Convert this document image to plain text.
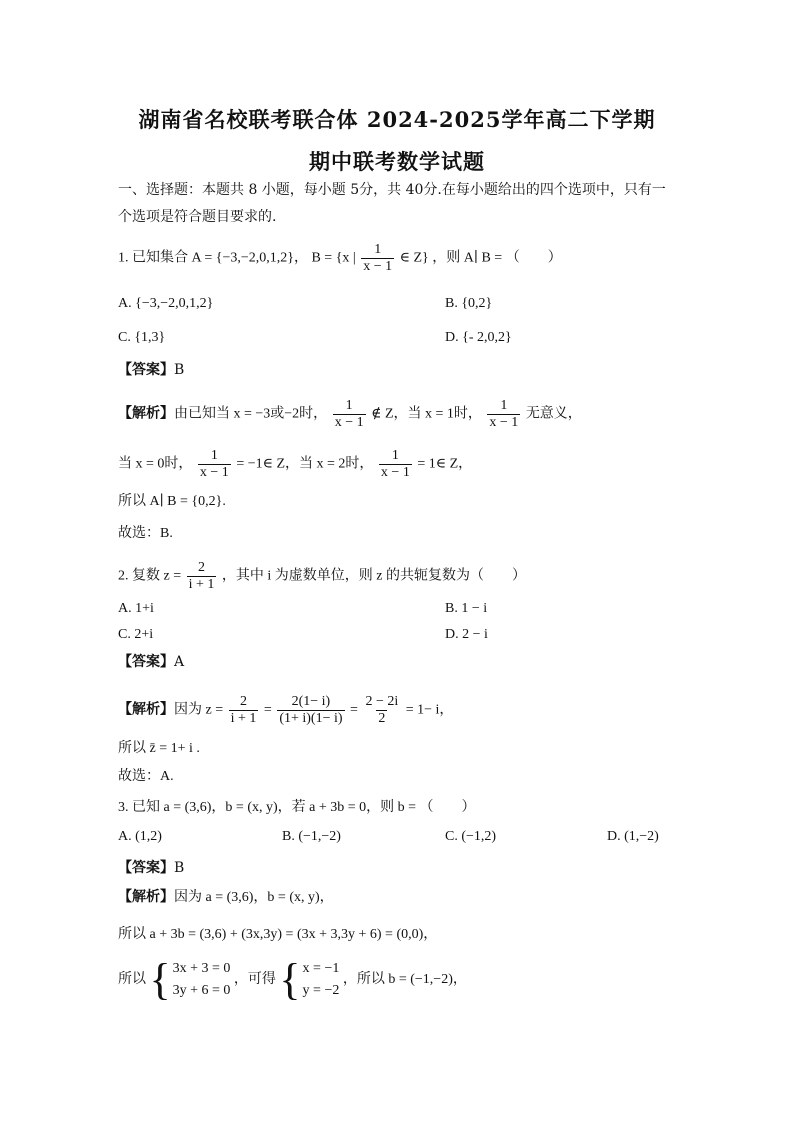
湖南省名校联考联合体 2024-2025学年高二下学期
期中联考数学试题
一、选择题：本题共 8 小题，每小题 5分，共 40分.在每小题给出的四个选项中，只有一
个选项是符合题目要求的.
1. 已知集合 A = {−3,−2,0,1,2}， B = {x | $\frac{1}{x - 1}$ ∈ Z} ，则 A∣ B = （　　）
A. {−3,−2,0,1,2}	B. {0,2}
C. {1,3}	D. {- 2,0,2}
【答案】B
【解析】由已知当 x = −3或−2时， $\frac{1}{x - 1}$ ∉ Z，当 x = 1时， $\frac{1}{x - 1}$ 无意义，
当 x = 0时， $\frac{1}{x - 1}$ = −1∈ Z，当 x = 2时， $\frac{1}{x - 1}$ = 1∈ Z，
所以 A∣ B = {0,2}.
故选：B.
2. 复数 $z = \frac{2}{i + 1}$ ，其中 i 为虚数单位，则 z 的共轭复数为（　　）
A. 1+i	B. 1 − i
C. 2+i	D. 2 − i
【答案】A
【解析】因为 $z = \frac{2}{i + 1} = \frac{2(1- i)}{(1+ i)(1- i)} = \frac{2 - 2i}{2} = 1- i$，
所以 z̄ = 1+ i .
故选：A.
3. 已知 a = (3,6)，b = (x, y)，若 a + 3b = 0，则 b = （　　）
A. (1,2)	B. (−1,−2)	C. (−1,2)	D. (1,−2)
【答案】B
【解析】因为 a = (3,6)，b = (x, y)，
所以 a + 3b = (3,6) + (3x,3y) = (3x + 3,3y + 6) = (0,0)，
所以 { 3x + 3 = 0
3y + 6 = 0
，可得 { x = −1
y = −2
，所以 b = (−1,−2)，
